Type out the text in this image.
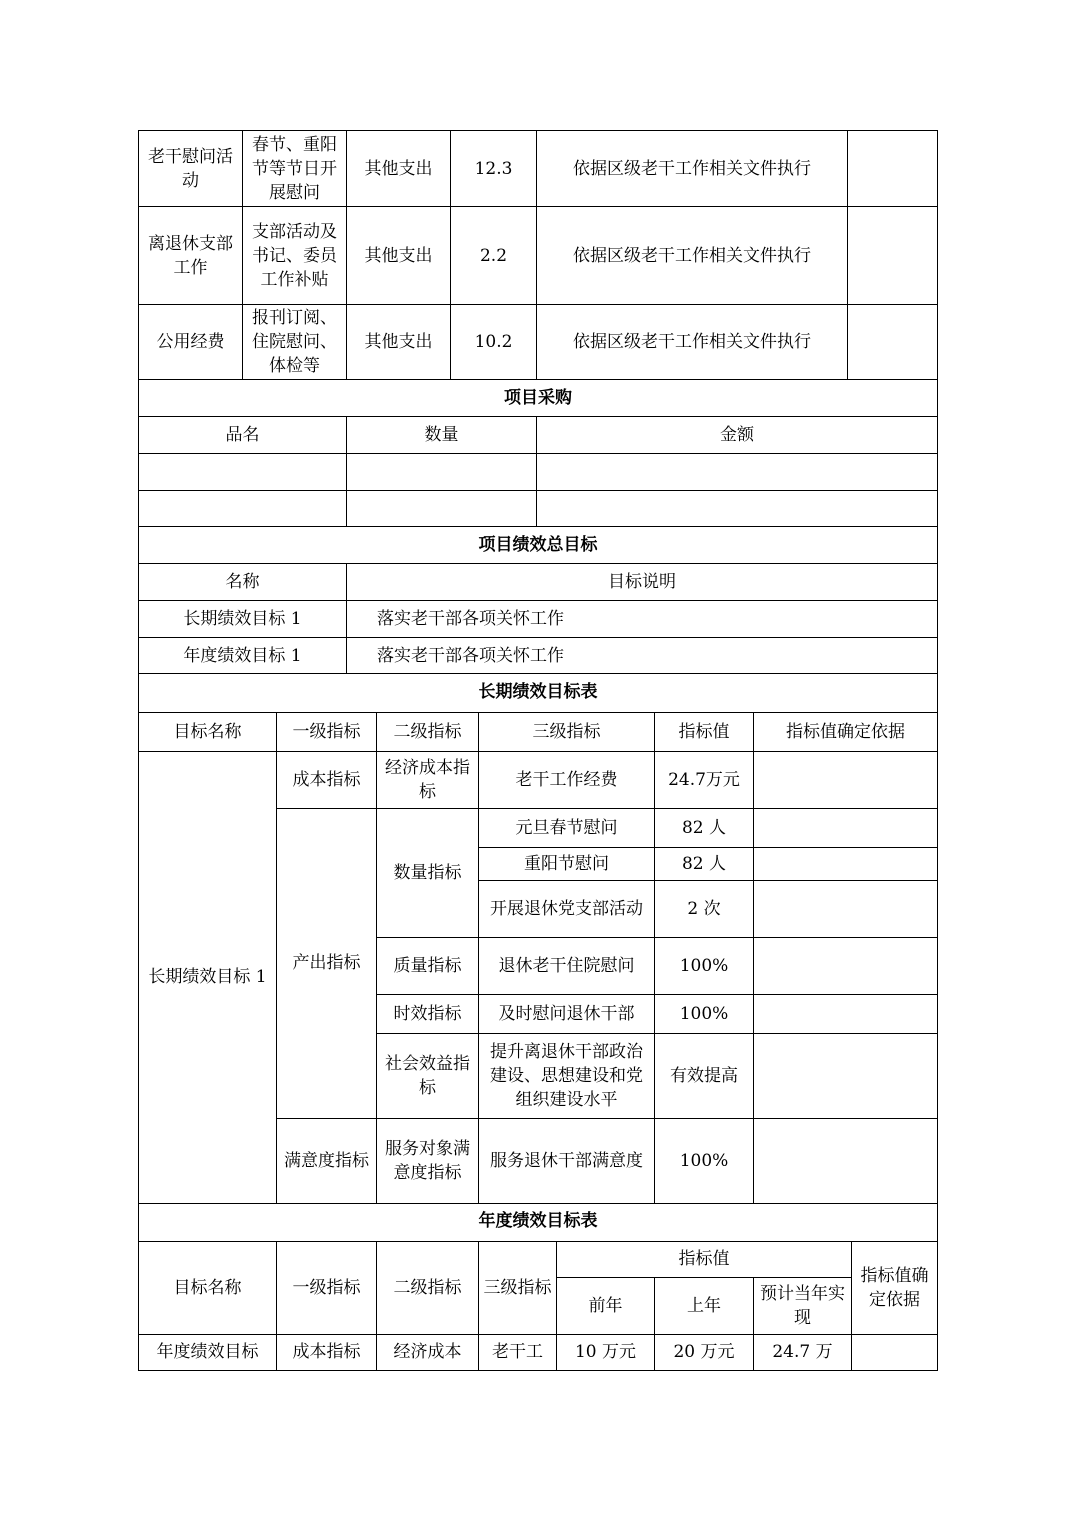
老干慰问活动	春节、重阳节等节日开展慰问	其他支出	12.3	依据区级老干工作相关文件执行	
离退休支部工作	支部活动及书记、委员工作补贴	其他支出	2.2	依据区级老干工作相关文件执行	
公用经费	报刊订阅、住院慰问、体检等	其他支出	10.2	依据区级老干工作相关文件执行	
项目采购					
品名		数量		金额	

项目绩效总目标					
名称		目标说明			
长期绩效目标 1		落实老干部各项关怀工作			
年度绩效目标 1		落实老干部各项关怀工作			
长期绩效目标表					
目标名称	一级指标	二级指标	三级指标	指标值	指标值确定依据
长期绩效目标 1	成本指标	经济成本指标	老干工作经费	24.7万元	
	产出指标	数量指标	元旦春节慰问	82 人	
			重阳节慰问	82 人	
			开展退休党支部活动	2 次	
		质量指标	退休老干住院慰问	100%	
		时效指标	及时慰问退休干部	100%	
		社会效益指标	提升离退休干部政治建设、思想建设和党组织建设水平	有效提高	
	满意度指标	服务对象满意度指标	服务退休干部满意度	100%	
年度绩效目标表							
目标名称	一级指标	二级指标	三级指标	指标值			指标值确定依据
				前年	上年	预计当年实现	
年度绩效目标	成本指标	经济成本	老干工	10 万元	20 万元	24.7 万	
